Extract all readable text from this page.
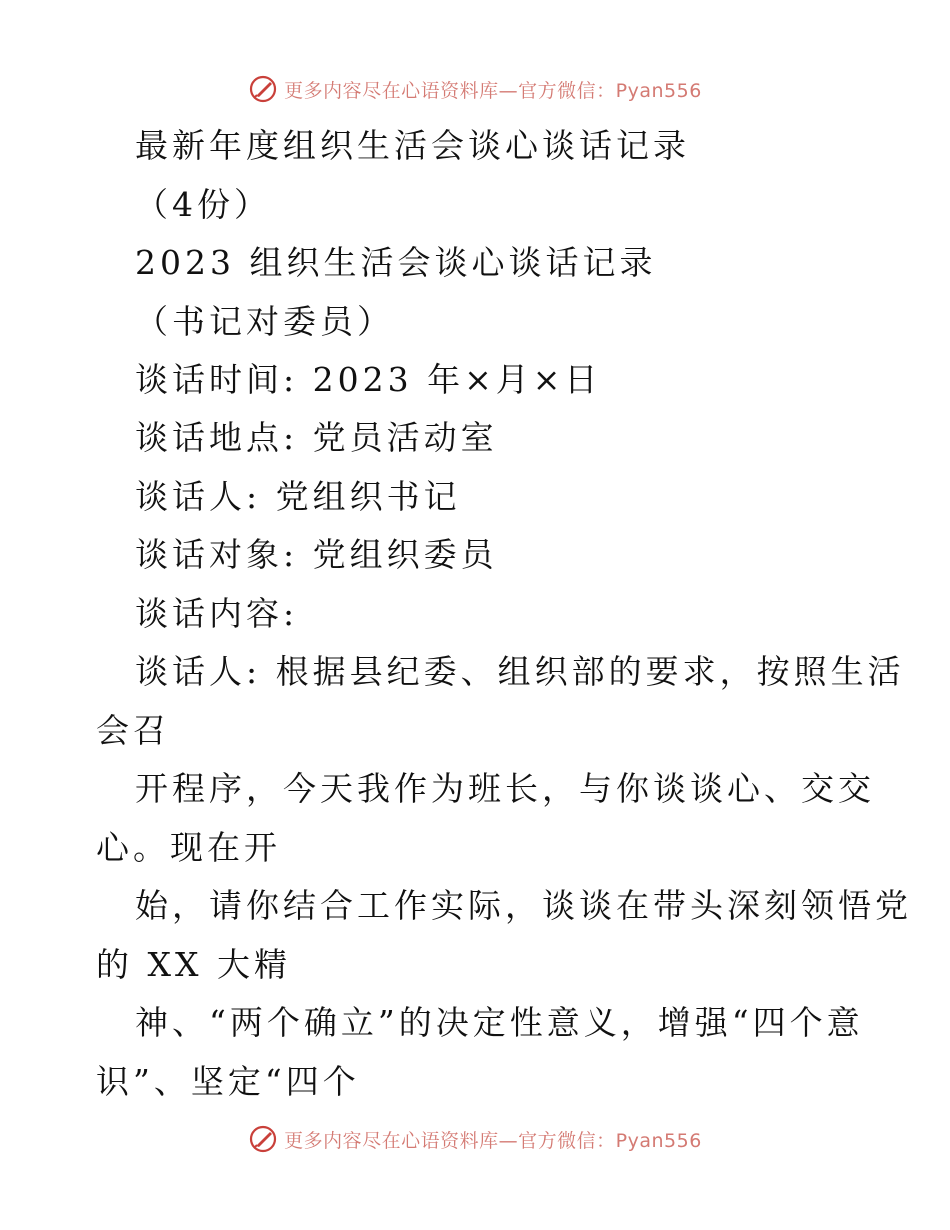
更多内容尽在心语资料库—官方微信：Pyan556
最新年度组织生活会谈心谈话记录
（4份）
2023 组织生活会谈心谈话记录
（书记对委员）
谈话时间: 2023 年×月×日
谈话地点: 党员活动室
谈话人: 党组织书记
谈话对象: 党组织委员
谈话内容:
谈话人: 根据县纪委、组织部的要求，按照生活
会召
开程序，今天我作为班长，与你谈谈心、交交
心。现在开
始，请你结合工作实际，谈谈在带头深刻领悟党
的 XX 大精
神、“两个确立”的决定性意义，增强“四个意
识”、坚定“四个
更多内容尽在心语资料库—官方微信：Pyan556
